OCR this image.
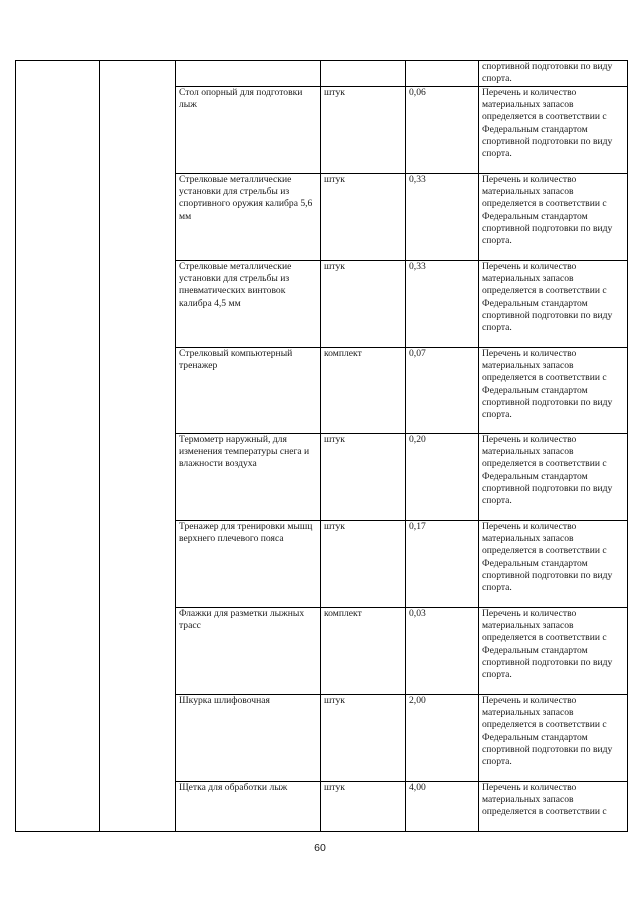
					спортивной подготовки по виду спорта.
		Стол опорный для подготовки лыж	штук	0,06	Перечень и количество материальных запасов определяется в соответствии с Федеральным стандартом спортивной подготовки по виду спорта.
		Стрелковые металлические установки для стрельбы из спортивного оружия калибра 5,6 мм	штук	0,33	Перечень и количество материальных запасов определяется в соответствии с Федеральным стандартом спортивной подготовки по виду спорта.
		Стрелковые металлические установки для стрельбы из пневматических винтовок калибра 4,5 мм	штук	0,33	Перечень и количество материальных запасов определяется в соответствии с Федеральным стандартом спортивной подготовки по виду спорта.
		Стрелковый компьютерный тренажер	комплект	0,07	Перечень и количество материальных запасов определяется в соответствии с Федеральным стандартом спортивной подготовки по виду спорта.
		Термометр наружный, для изменения температуры снега и влажности воздуха	штук	0,20	Перечень и количество материальных запасов определяется в соответствии с Федеральным стандартом спортивной подготовки по виду спорта.
		Тренажер для тренировки мышц верхнего плечевого пояса	штук	0,17	Перечень и количество материальных запасов определяется в соответствии с Федеральным стандартом спортивной подготовки по виду спорта.
		Флажки для разметки лыжных трасс	комплект	0,03	Перечень и количество материальных запасов определяется в соответствии с Федеральным стандартом спортивной подготовки по виду спорта.
		Шкурка шлифовочная	штук	2,00	Перечень и количество материальных запасов определяется в соответствии с Федеральным стандартом спортивной подготовки по виду спорта.
		Щетка для обработки лыж	штук	4,00	Перечень и количество материальных запасов определяется в соответствии с
60
